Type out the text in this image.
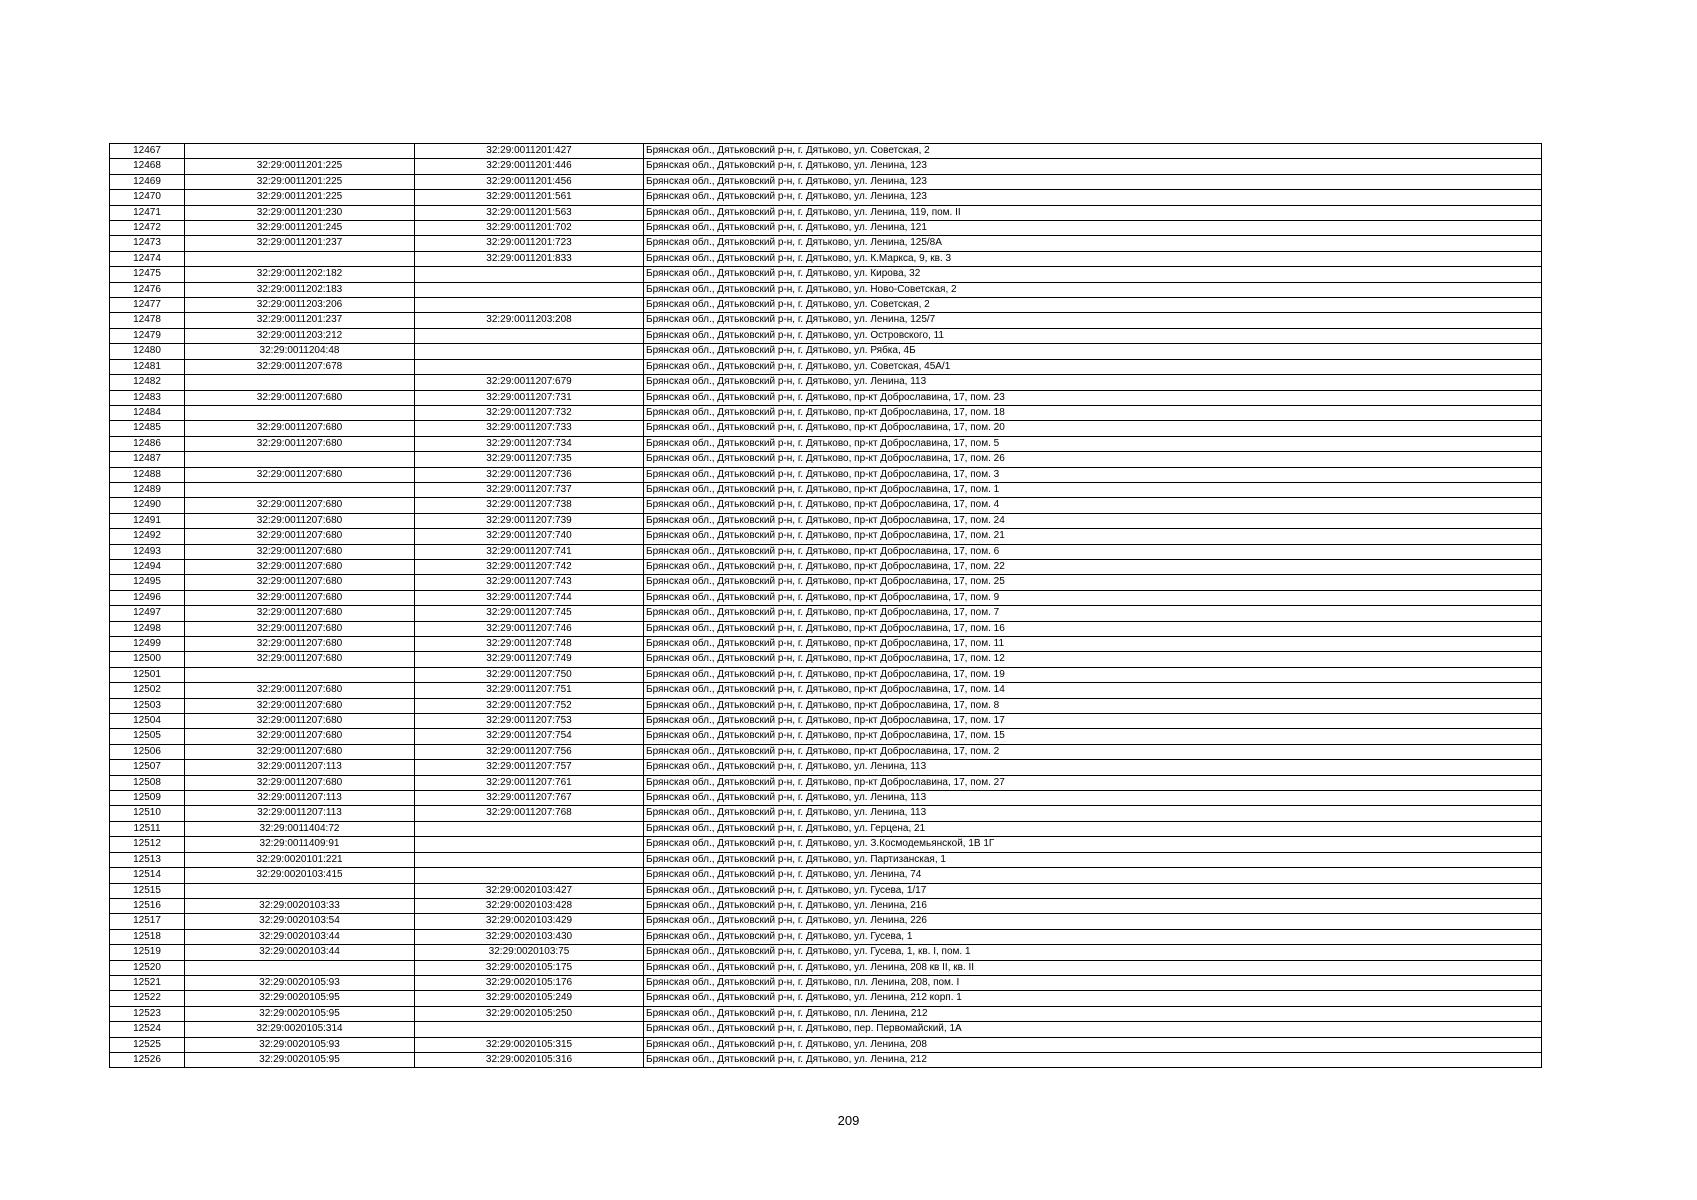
12467		32:29:0011201:427	Брянская обл., Дятьковский р-н, г. Дятьково, ул. Советская, 2
12468	32:29:0011201:225	32:29:0011201:446	Брянская обл., Дятьковский р-н, г. Дятьково, ул. Ленина, 123
12469	32:29:0011201:225	32:29:0011201:456	Брянская обл., Дятьковский р-н, г. Дятьково, ул. Ленина, 123
12470	32:29:0011201:225	32:29:0011201:561	Брянская обл., Дятьковский р-н, г. Дятьково, ул. Ленина, 123
12471	32:29:0011201:230	32:29:0011201:563	Брянская обл., Дятьковский р-н, г. Дятьково, ул. Ленина, 119, пом. II
12472	32:29:0011201:245	32:29:0011201:702	Брянская обл., Дятьковский р-н, г. Дятьково, ул. Ленина, 121
12473	32:29:0011201:237	32:29:0011201:723	Брянская обл., Дятьковский р-н, г. Дятьково, ул. Ленина, 125/8А
12474		32:29:0011201:833	Брянская обл., Дятьковский р-н, г. Дятьково, ул. К.Маркса, 9, кв. 3
12475	32:29:0011202:182		Брянская обл., Дятьковский р-н, г. Дятьково, ул. Кирова, 32
12476	32:29:0011202:183		Брянская обл., Дятьковский р-н, г. Дятьково, ул. Ново-Советская, 2
12477	32:29:0011203:206		Брянская обл., Дятьковский р-н, г. Дятьково, ул. Советская, 2
12478	32:29:0011201:237	32:29:0011203:208	Брянская обл., Дятьковский р-н, г. Дятьково, ул. Ленина, 125/7
12479	32:29:0011203:212		Брянская обл., Дятьковский р-н, г. Дятьково, ул. Островского, 11
12480	32:29:0011204:48		Брянская обл., Дятьковский р-н, г. Дятьково, ул. Рябка, 4Б
12481	32:29:0011207:678		Брянская обл., Дятьковский р-н, г. Дятьково, ул. Советская, 45А/1
12482		32:29:0011207:679	Брянская обл., Дятьковский р-н, г. Дятьково, ул. Ленина, 113
12483	32:29:0011207:680	32:29:0011207:731	Брянская обл., Дятьковский р-н, г. Дятьково, пр-кт Доброславина, 17, пом. 23
12484		32:29:0011207:732	Брянская обл., Дятьковский р-н, г. Дятьково, пр-кт Доброславина, 17, пом. 18
12485	32:29:0011207:680	32:29:0011207:733	Брянская обл., Дятьковский р-н, г. Дятьково, пр-кт Доброславина, 17, пом. 20
12486	32:29:0011207:680	32:29:0011207:734	Брянская обл., Дятьковский р-н, г. Дятьково, пр-кт Доброславина, 17, пом. 5
12487		32:29:0011207:735	Брянская обл., Дятьковский р-н, г. Дятьково, пр-кт Доброславина, 17, пом. 26
12488	32:29:0011207:680	32:29:0011207:736	Брянская обл., Дятьковский р-н, г. Дятьково, пр-кт Доброславина, 17, пом. 3
12489		32:29:0011207:737	Брянская обл., Дятьковский р-н, г. Дятьково, пр-кт Доброславина, 17, пом. 1
12490	32:29:0011207:680	32:29:0011207:738	Брянская обл., Дятьковский р-н, г. Дятьково, пр-кт Доброславина, 17, пом. 4
12491	32:29:0011207:680	32:29:0011207:739	Брянская обл., Дятьковский р-н, г. Дятьково, пр-кт Доброславина, 17, пом. 24
12492	32:29:0011207:680	32:29:0011207:740	Брянская обл., Дятьковский р-н, г. Дятьково, пр-кт Доброславина, 17, пом. 21
12493	32:29:0011207:680	32:29:0011207:741	Брянская обл., Дятьковский р-н, г. Дятьково, пр-кт Доброславина, 17, пом. 6
12494	32:29:0011207:680	32:29:0011207:742	Брянская обл., Дятьковский р-н, г. Дятьково, пр-кт Доброславина, 17, пом. 22
12495	32:29:0011207:680	32:29:0011207:743	Брянская обл., Дятьковский р-н, г. Дятьково, пр-кт Доброславина, 17, пом. 25
12496	32:29:0011207:680	32:29:0011207:744	Брянская обл., Дятьковский р-н, г. Дятьково, пр-кт Доброславина, 17, пом. 9
12497	32:29:0011207:680	32:29:0011207:745	Брянская обл., Дятьковский р-н, г. Дятьково, пр-кт Доброславина, 17, пом. 7
12498	32:29:0011207:680	32:29:0011207:746	Брянская обл., Дятьковский р-н, г. Дятьково, пр-кт Доброславина, 17, пом. 16
12499	32:29:0011207:680	32:29:0011207:748	Брянская обл., Дятьковский р-н, г. Дятьково, пр-кт Доброславина, 17, пом. 11
12500	32:29:0011207:680	32:29:0011207:749	Брянская обл., Дятьковский р-н, г. Дятьково, пр-кт Доброславина, 17, пом. 12
12501		32:29:0011207:750	Брянская обл., Дятьковский р-н, г. Дятьково, пр-кт Доброславина, 17, пом. 19
12502	32:29:0011207:680	32:29:0011207:751	Брянская обл., Дятьковский р-н, г. Дятьково, пр-кт Доброславина, 17, пом. 14
12503	32:29:0011207:680	32:29:0011207:752	Брянская обл., Дятьковский р-н, г. Дятьково, пр-кт Доброславина, 17, пом. 8
12504	32:29:0011207:680	32:29:0011207:753	Брянская обл., Дятьковский р-н, г. Дятьково, пр-кт Доброславина, 17, пом. 17
12505	32:29:0011207:680	32:29:0011207:754	Брянская обл., Дятьковский р-н, г. Дятьково, пр-кт Доброславина, 17, пом. 15
12506	32:29:0011207:680	32:29:0011207:756	Брянская обл., Дятьковский р-н, г. Дятьково, пр-кт Доброславина, 17, пом. 2
12507	32:29:0011207:113	32:29:0011207:757	Брянская обл., Дятьковский р-н, г. Дятьково, ул. Ленина, 113
12508	32:29:0011207:680	32:29:0011207:761	Брянская обл., Дятьковский р-н, г. Дятьково, пр-кт Доброславина, 17, пом. 27
12509	32:29:0011207:113	32:29:0011207:767	Брянская обл., Дятьковский р-н, г. Дятьково, ул. Ленина, 113
12510	32:29:0011207:113	32:29:0011207:768	Брянская обл., Дятьковский р-н, г. Дятьково, ул. Ленина, 113
12511	32:29:0011404:72		Брянская обл., Дятьковский р-н, г. Дятьково, ул. Герцена, 21
12512	32:29:0011409:91		Брянская обл., Дятьковский р-н, г. Дятьково, ул. З.Космодемьянской, 1В 1Г
12513	32:29:0020101:221		Брянская обл., Дятьковский р-н, г. Дятьково, ул. Партизанская, 1
12514	32:29:0020103:415		Брянская обл., Дятьковский р-н, г. Дятьково, ул. Ленина, 74
12515		32:29:0020103:427	Брянская обл., Дятьковский р-н, г. Дятьково, ул. Гусева, 1/17
12516	32:29:0020103:33	32:29:0020103:428	Брянская обл., Дятьковский р-н, г. Дятьково, ул. Ленина, 216
12517	32:29:0020103:54	32:29:0020103:429	Брянская обл., Дятьковский р-н, г. Дятьково, ул. Ленина, 226
12518	32:29:0020103:44	32:29:0020103:430	Брянская обл., Дятьковский р-н, г. Дятьково, ул. Гусева, 1
12519	32:29:0020103:44	32:29:0020103:75	Брянская обл., Дятьковский р-н, г. Дятьково, ул. Гусева, 1, кв. I, пом. 1
12520		32:29:0020105:175	Брянская обл., Дятьковский р-н, г. Дятьково, ул. Ленина, 208 кв II, кв. II
12521	32:29:0020105:93	32:29:0020105:176	Брянская обл., Дятьковский р-н, г. Дятьково, пл. Ленина, 208, пом. I
12522	32:29:0020105:95	32:29:0020105:249	Брянская обл., Дятьковский р-н, г. Дятьково, ул. Ленина, 212 корп. 1
12523	32:29:0020105:95	32:29:0020105:250	Брянская обл., Дятьковский р-н, г. Дятьково, пл. Ленина, 212
12524	32:29:0020105:314		Брянская обл., Дятьковский р-н, г. Дятьково, пер. Первомайский, 1А
12525	32:29:0020105:93	32:29:0020105:315	Брянская обл., Дятьковский р-н, г. Дятьково, ул. Ленина, 208
12526	32:29:0020105:95	32:29:0020105:316	Брянская обл., Дятьковский р-н, г. Дятьково, ул. Ленина, 212
209
